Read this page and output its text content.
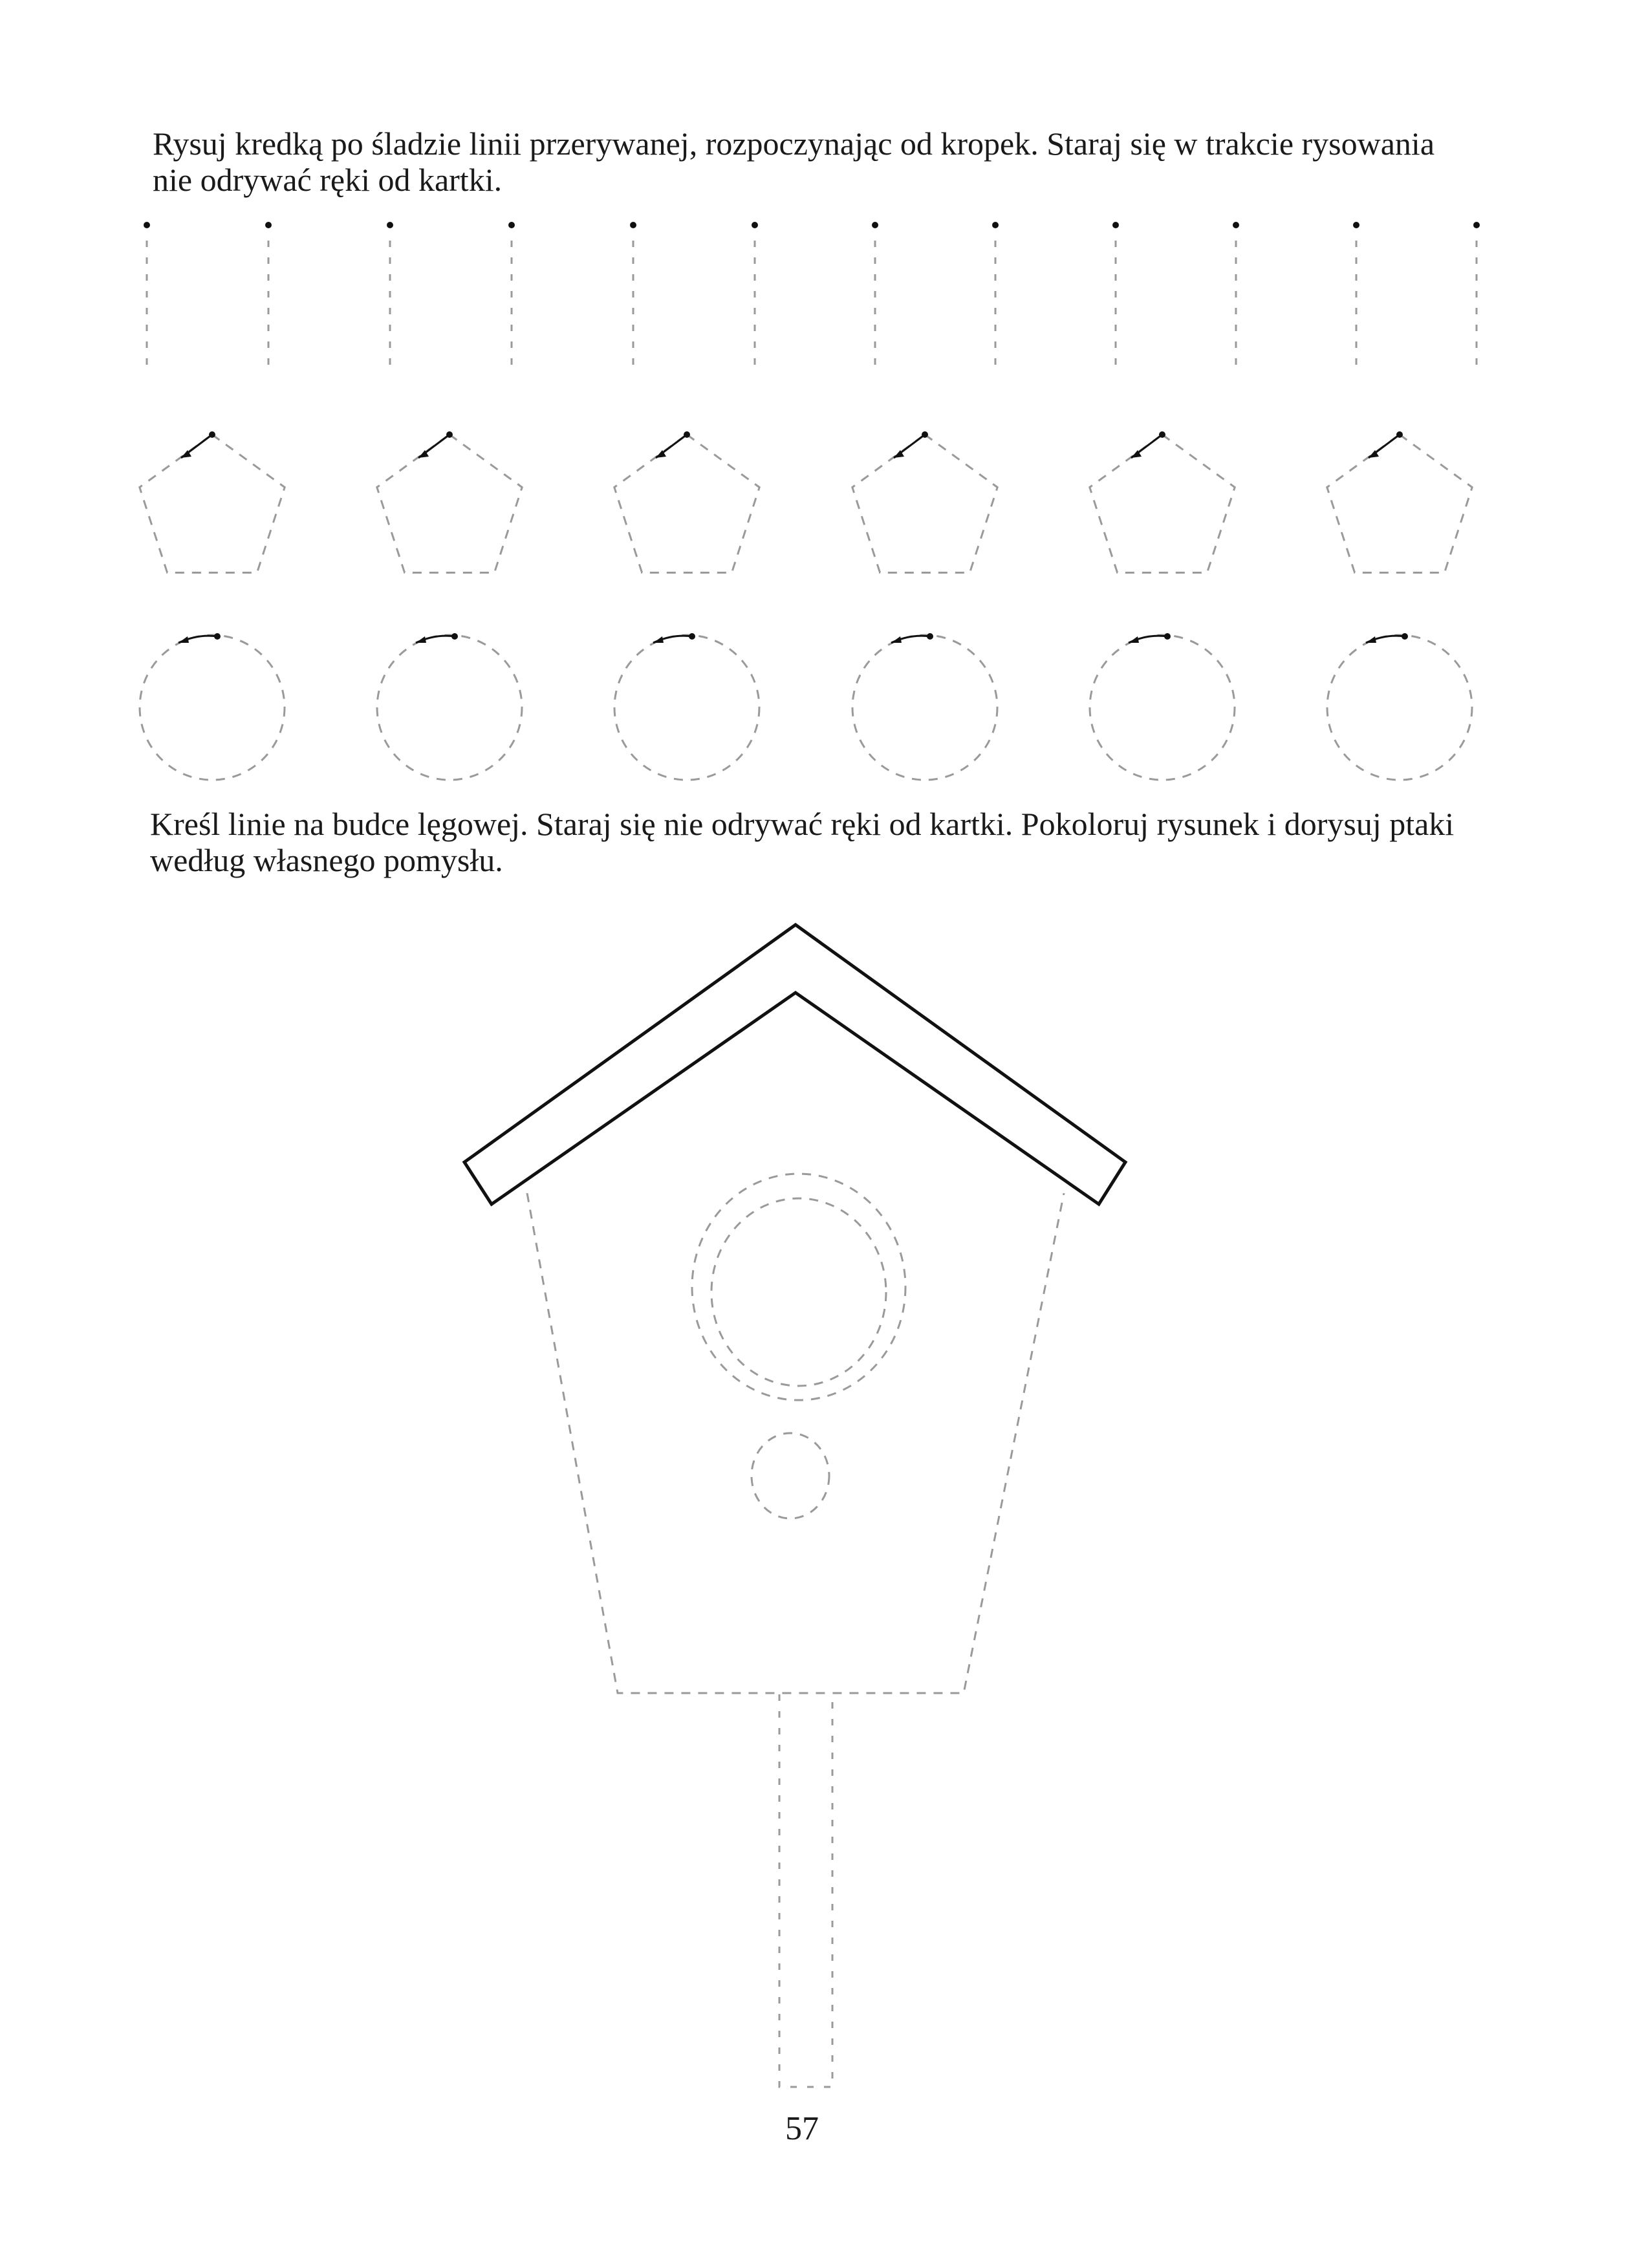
Rysuj kredką po śladzie linii przerywanej, rozpoczynając od kropek. Staraj się w trakcie rysowania nie odrywać ręki od kartki.

Kreśl linie na budce lęgowej. Staraj się nie odrywać ręki od kartki. Pokoloruj rysunek i dorysuj ptaki według własnego pomysłu.

57
